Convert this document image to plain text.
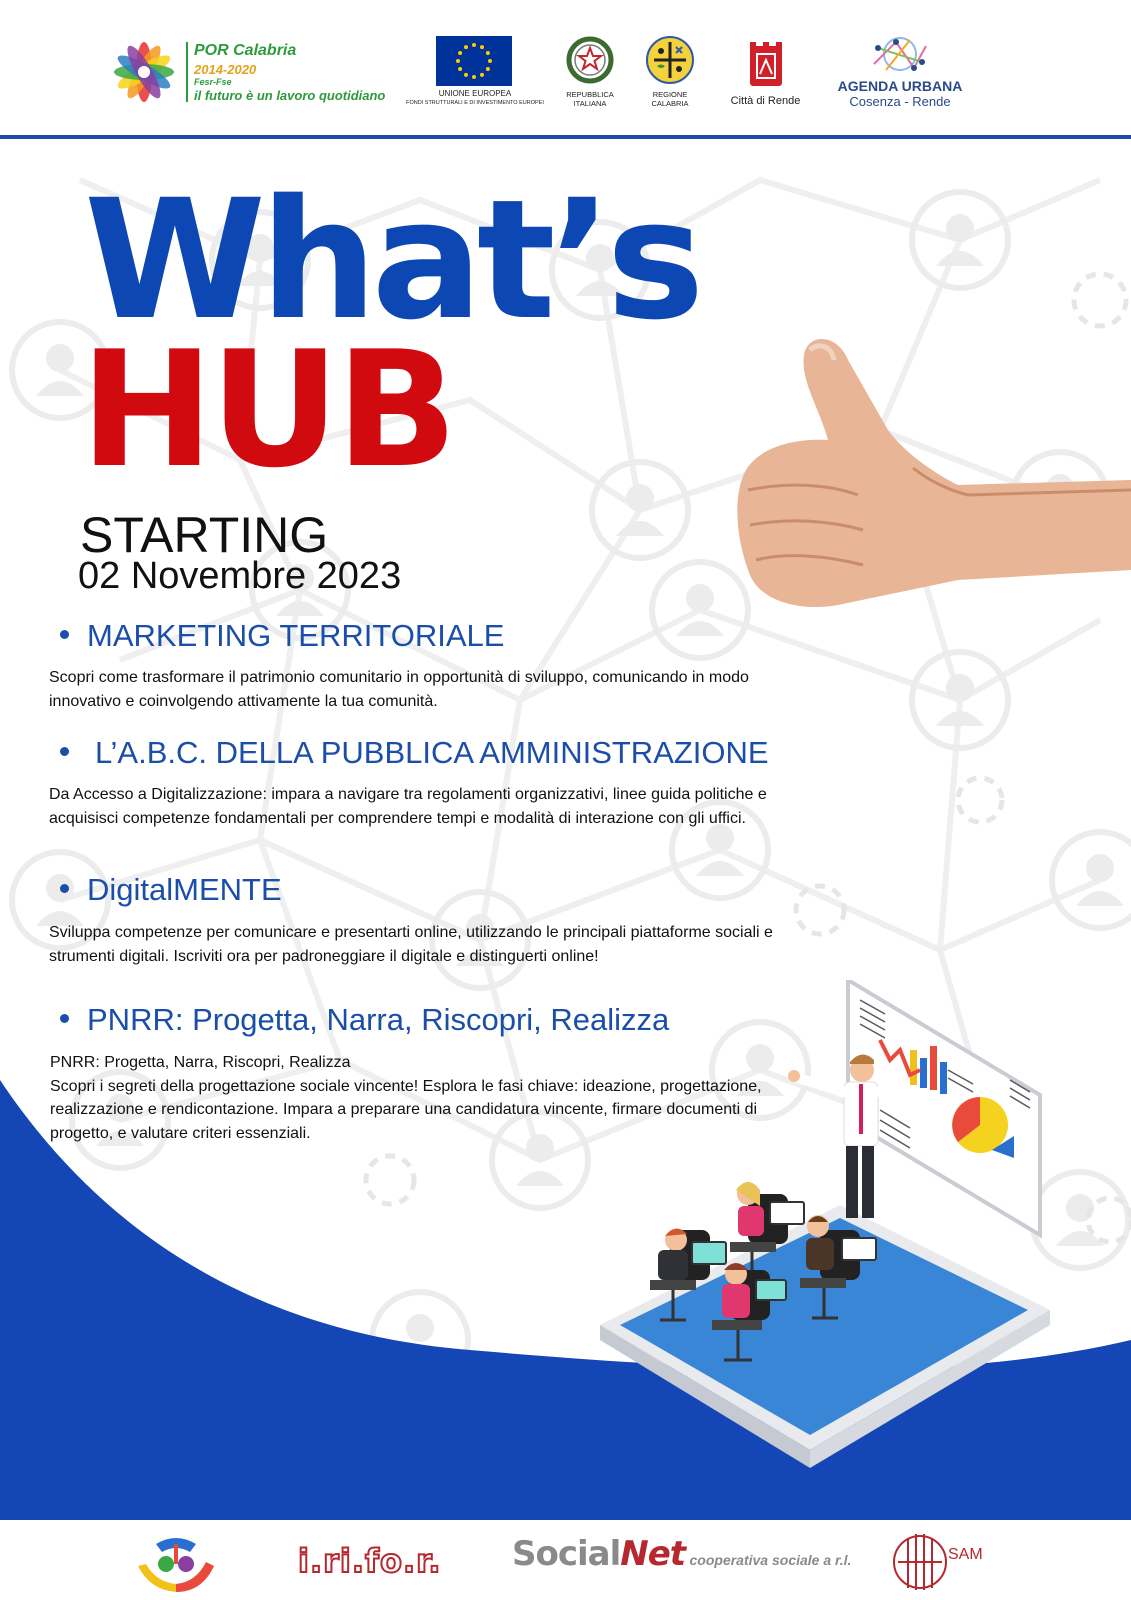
POR Calabria
2014-2020
Fesr-Fse
il futuro è un lavoro quotidiano	UNIONE EUROPEA
FONDI STRUTTURALI E DI INVESTIMENTO EUROPEI
REPUBBLICA
ITALIANA
REGIONE
CALABRIA	Città di Rende
AGENDA URBANA
Cosenza - Rende
What’s
HUB
STARTING
02 Novembre 2023
MARKETING TERRITORIALE
Scopri come trasformare il patrimonio comunitario in opportunità di sviluppo, comunicando in modo innovativo e coinvolgendo attivamente la tua comunità.
L’A.B.C. DELLA PUBBLICA AMMINISTRAZIONE
Da Accesso a Digitalizzazione: impara a navigare tra regolamenti organizzativi, linee guida politiche e acquisisci competenze fondamentali per comprendere tempi e modalità di interazione con gli uffici.
DigitalMENTE
Sviluppa competenze per comunicare e presentarti online, utilizzando le principali piattaforme sociali e strumenti digitali. Iscriviti ora per padroneggiare il digitale e distinguerti online!
PNRR: Progetta, Narra, Riscopri, Realizza
PNRR: Progetta, Narra, Riscopri, Realizza
Scopri i segreti della progettazione sociale vincente! Esplora le fasi chiave: ideazione, progettazione, realizzazione e rendicontazione. Impara a preparare una candidatura vincente, firmare documenti di progetto, e valutare criteri essenziali.
i.ri.fo.r. SocialNet cooperativa sociale a r.l.	SAM
